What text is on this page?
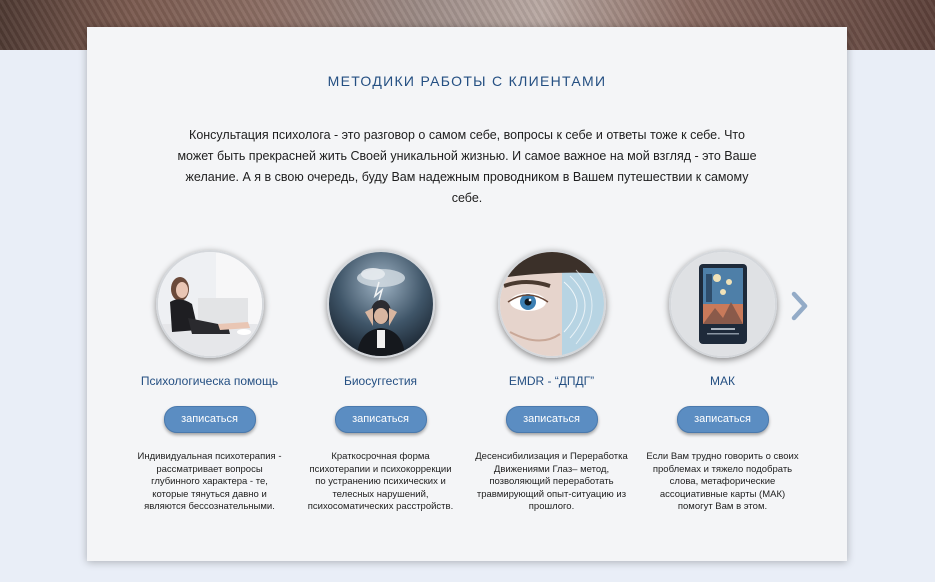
МЕТОДИКИ РАБОТЫ С КЛИЕНТАМИ

Консультация психолога - это разговор о самом себе, вопросы к себе и ответы тоже к себе. Что может быть прекрасней жить Своей уникальной жизнью. И самое важное на мой взгляд - это Ваше желание. А я в свою очередь, буду Вам надежным проводником в Вашем путешествии к самому себе.

Психологическа помощь
записаться
Индивидуальная психотерапия - рассматривает вопросы глубинного характера - те, которые тянуться давно и являются бессознательными.
Биосуггестия
записаться
Краткосрочная форма психотерапии и психокоррекции по устранению психических и телесных нарушений, психосоматических расстройств.
EMDR - “ДПДГ”
записаться
Десенсибилизация и Переработка Движениями Глаз– метод, позволяющий переработать травмирующий опыт-ситуацию из прошлого.
МАК
записаться
Если Вам трудно говорить о своих проблемах и тяжело подобрать слова, метафорические ассоциативные карты (МАК) помогут Вам в этом.
